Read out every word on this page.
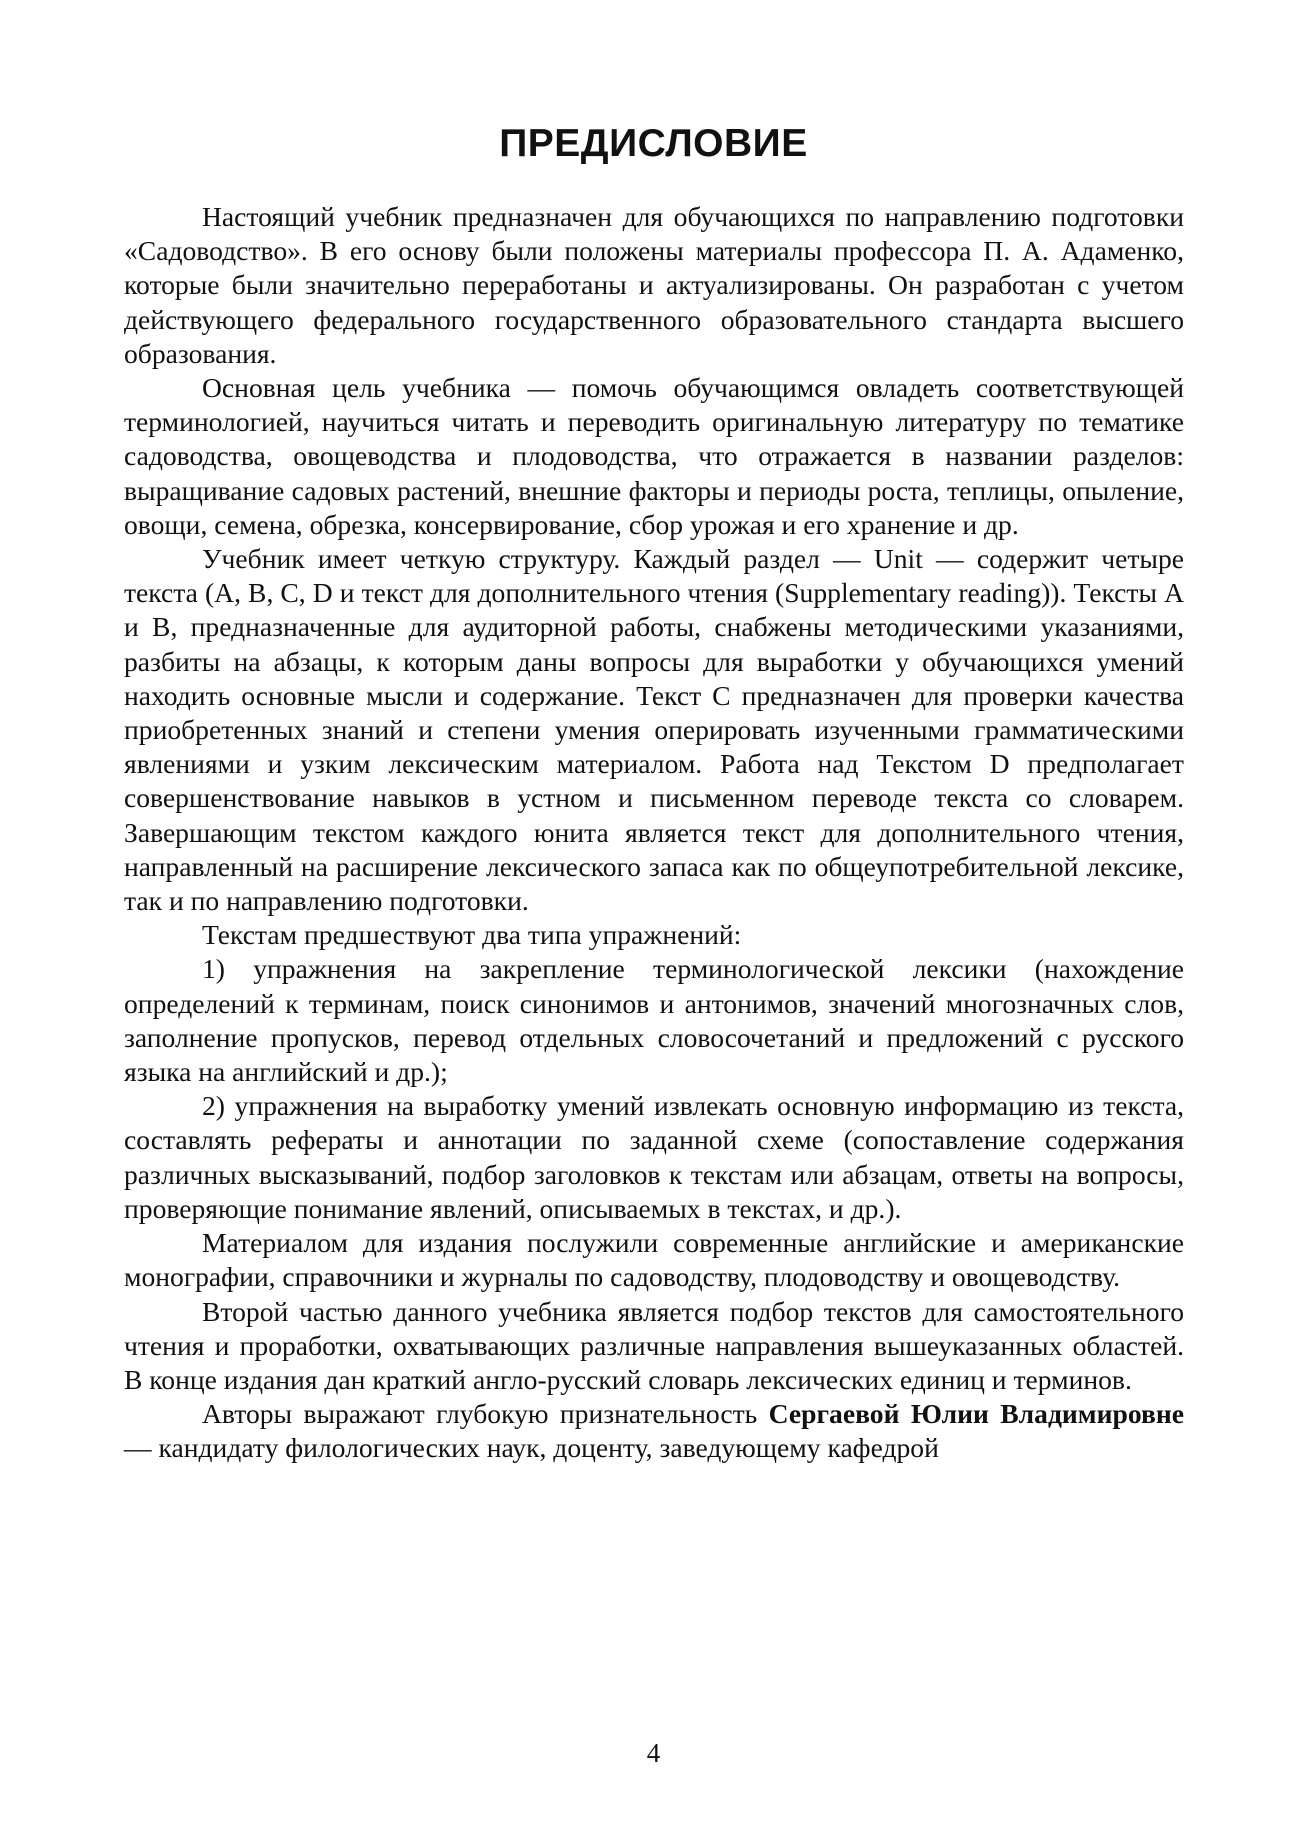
ПРЕДИСЛОВИЕ

Настоящий учебник предназначен для обучающихся по направлению подготовки «Садоводство». В его основу были положены материалы профессора П. А. Адаменко, которые были значительно переработаны и актуализированы. Он разработан с учетом действующего федерального государственного образовательного стандарта высшего образования.

Основная цель учебника — помочь обучающимся овладеть соответствующей терминологией, научиться читать и переводить оригинальную литературу по тематике садоводства, овощеводства и плодоводства, что отражается в названии разделов: выращивание садовых растений, внешние факторы и периоды роста, теплицы, опыление, овощи, семена, обрезка, консервирование, сбор урожая и его хранение и др.

Учебник имеет четкую структуру. Каждый раздел — Unit — содержит четыре текста (A, B, C, D и текст для дополнительного чтения (Supplementary reading)). Тексты A и B, предназначенные для аудиторной работы, снабжены методическими указаниями, разбиты на абзацы, к которым даны вопросы для выработки у обучающихся умений находить основные мысли и содержание. Текст C предназначен для проверки качества приобретенных знаний и степени умения оперировать изученными грамматическими явлениями и узким лексическим материалом. Работа над Текстом D предполагает совершенствование навыков в устном и письменном переводе текста со словарем. Завершающим текстом каждого юнита является текст для дополнительного чтения, направленный на расширение лексического запаса как по общеупотребительной лексике, так и по направлению подготовки.

Текстам предшествуют два типа упражнений:

1) упражнения на закрепление терминологической лексики (нахождение определений к терминам, поиск синонимов и антонимов, значений многозначных слов, заполнение пропусков, перевод отдельных словосочетаний и предложений с русского языка на английский и др.);

2) упражнения на выработку умений извлекать основную информацию из текста, составлять рефераты и аннотации по заданной схеме (сопоставление содержания различных высказываний, подбор заголовков к текстам или абзацам, ответы на вопросы, проверяющие понимание явлений, описываемых в текстах, и др.).

Материалом для издания послужили современные английские и американские монографии, справочники и журналы по садоводству, плодоводству и овощеводству.

Второй частью данного учебника является подбор текстов для самостоятельного чтения и проработки, охватывающих различные направления вышеуказанных областей. В конце издания дан краткий англо-русский словарь лексических единиц и терминов.

Авторы выражают глубокую признательность Сергаевой Юлии Владимировне — кандидату филологических наук, доценту, заведующему кафедрой

4
